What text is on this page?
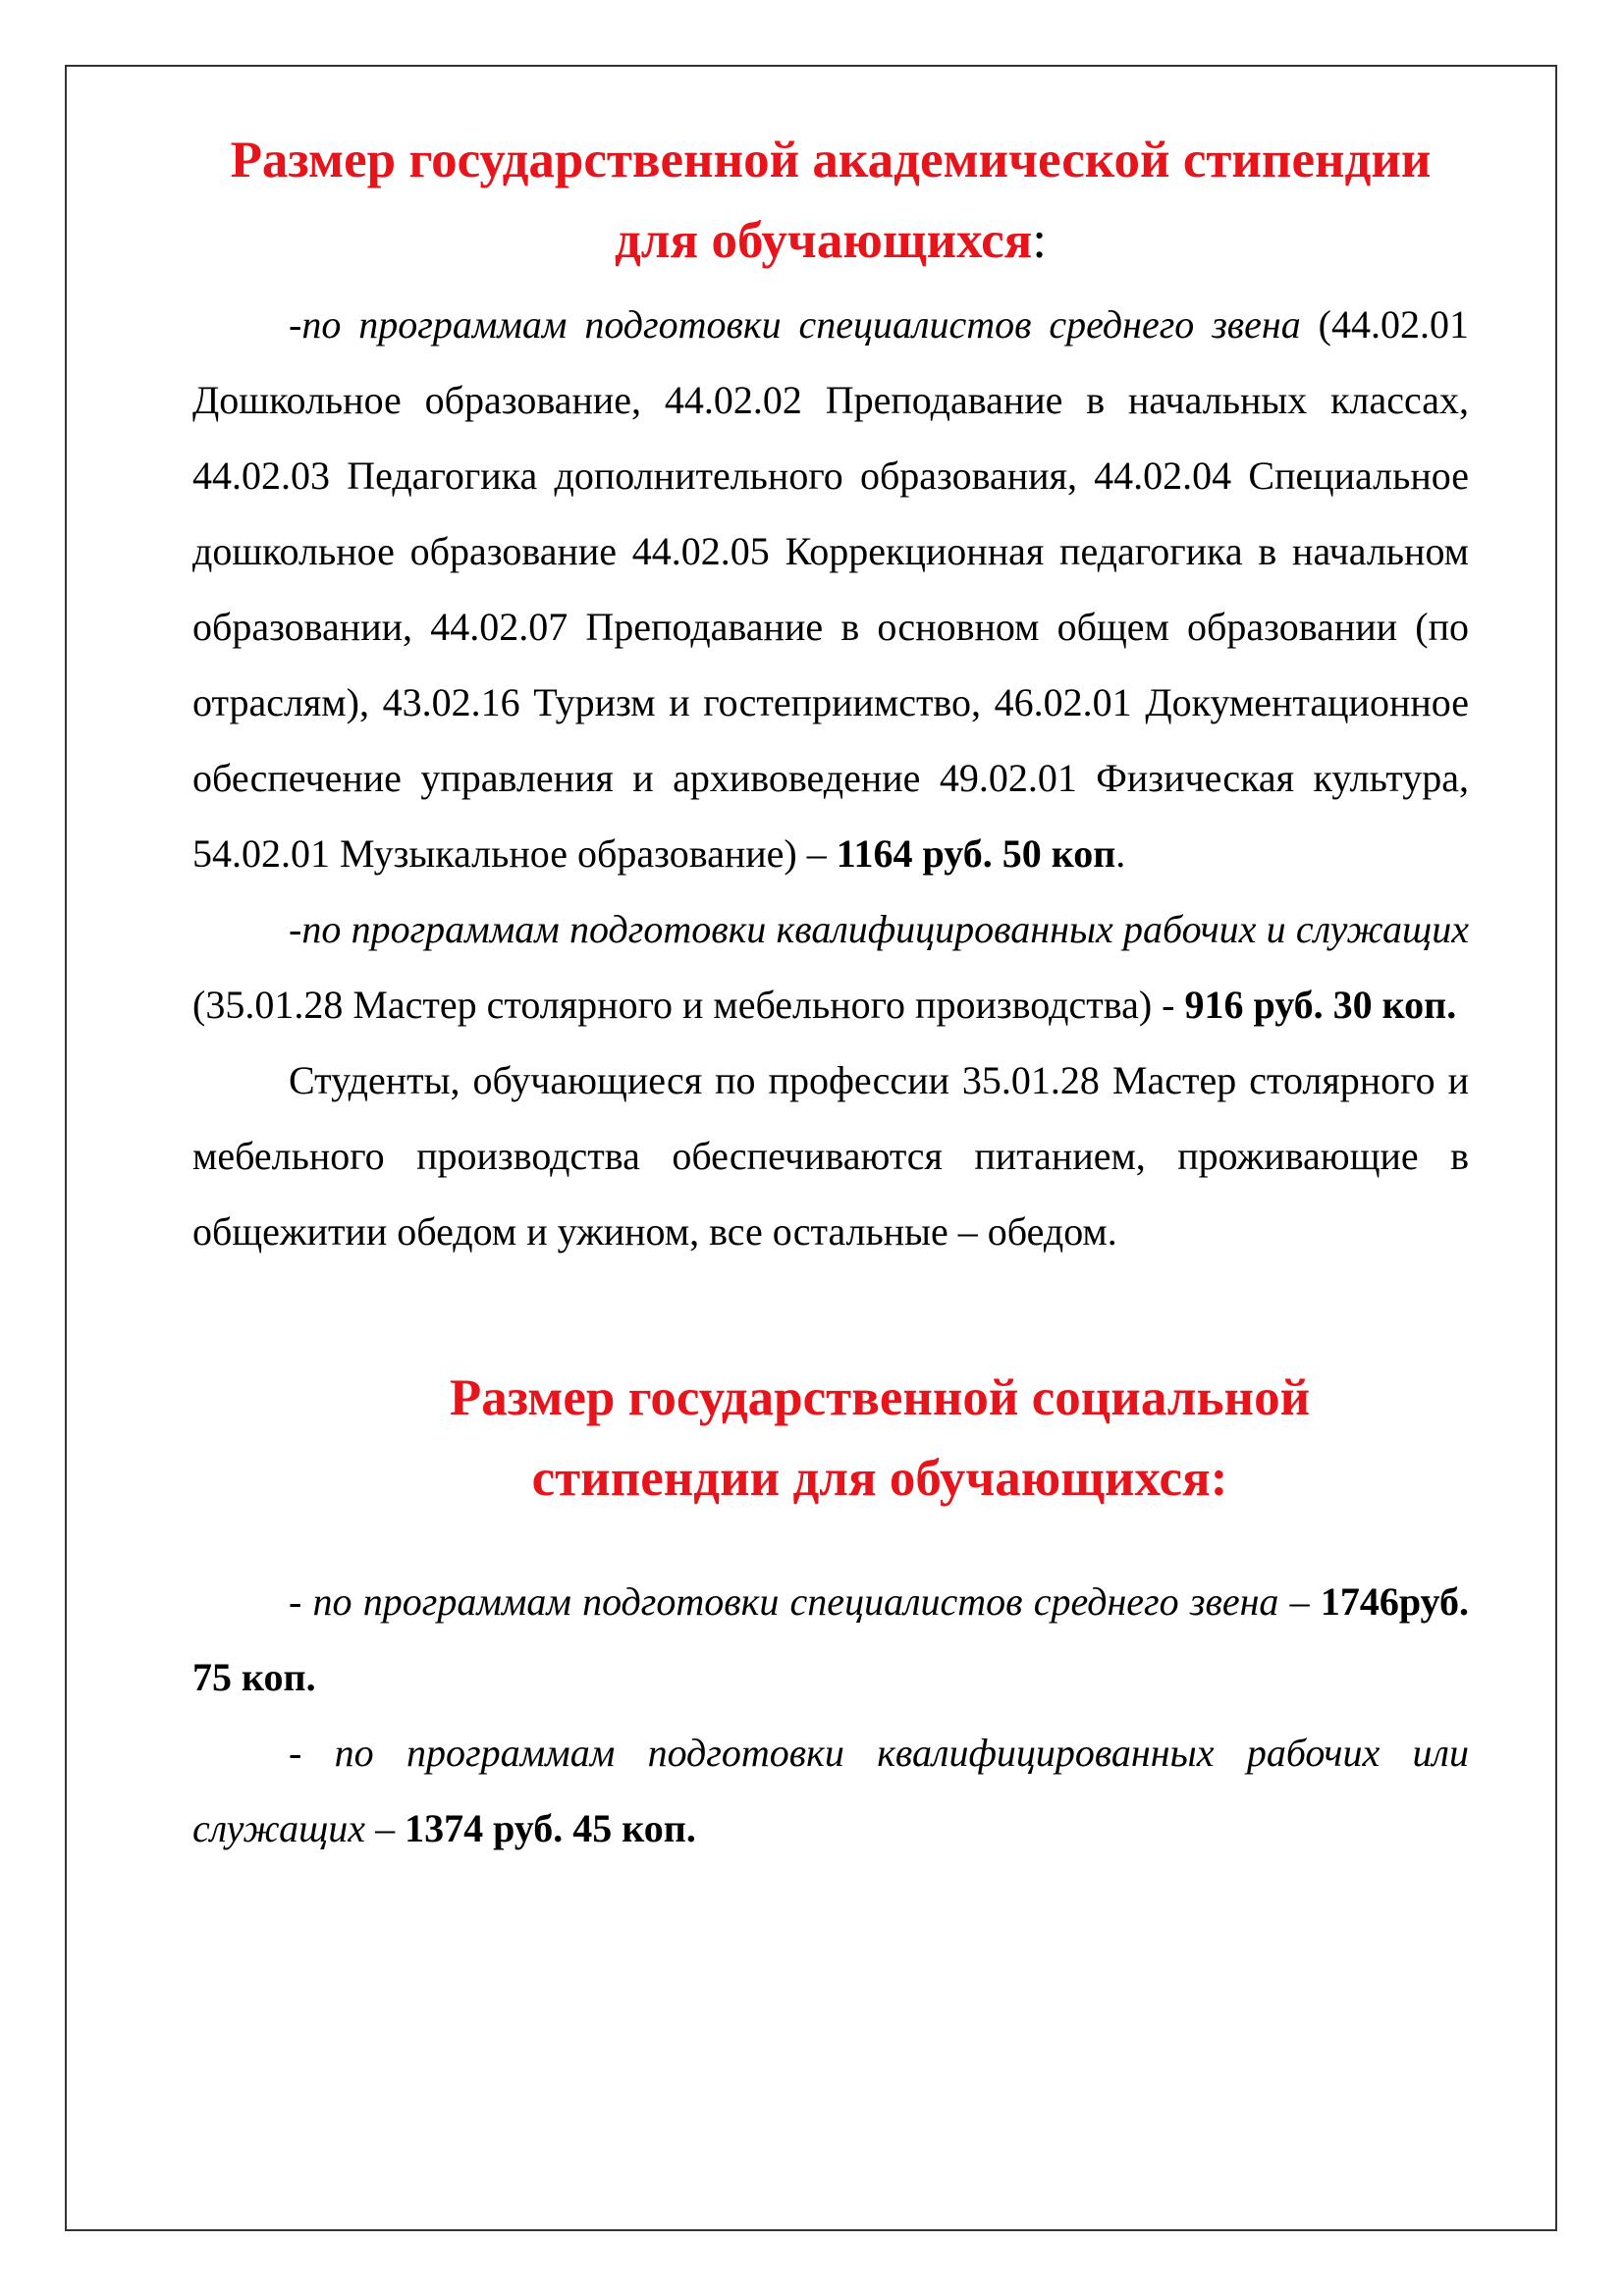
Размер государственной академической стипендии для обучающихся:

-по программам подготовки специалистов среднего звена (44.02.01 Дошкольное образование, 44.02.02 Преподавание в начальных классах, 44.02.03 Педагогика дополнительного образования, 44.02.04 Специальное дошкольное образование 44.02.05 Коррекционная педагогика в начальном образовании, 44.02.07 Преподавание в основном общем образовании (по отраслям), 43.02.16 Туризм и гостеприимство, 46.02.01 Документационное обеспечение управления и архивоведение 49.02.01 Физическая культура, 54.02.01 Музыкальное образование) – 1164 руб. 50 коп.

-по программам подготовки квалифицированных рабочих и служащих (35.01.28 Мастер столярного и мебельного производства) - 916 руб. 30 коп.

Студенты, обучающиеся по профессии 35.01.28 Мастер столярного и мебельного производства обеспечиваются питанием, проживающие в общежитии обедом и ужином, все остальные – обедом.

Размер государственной социальной
стипендии для обучающихся:

- по программам подготовки специалистов среднего звена – 1746руб. 75 коп.

- по программам подготовки квалифицированных рабочих или служащих – 1374 руб. 45 коп.
